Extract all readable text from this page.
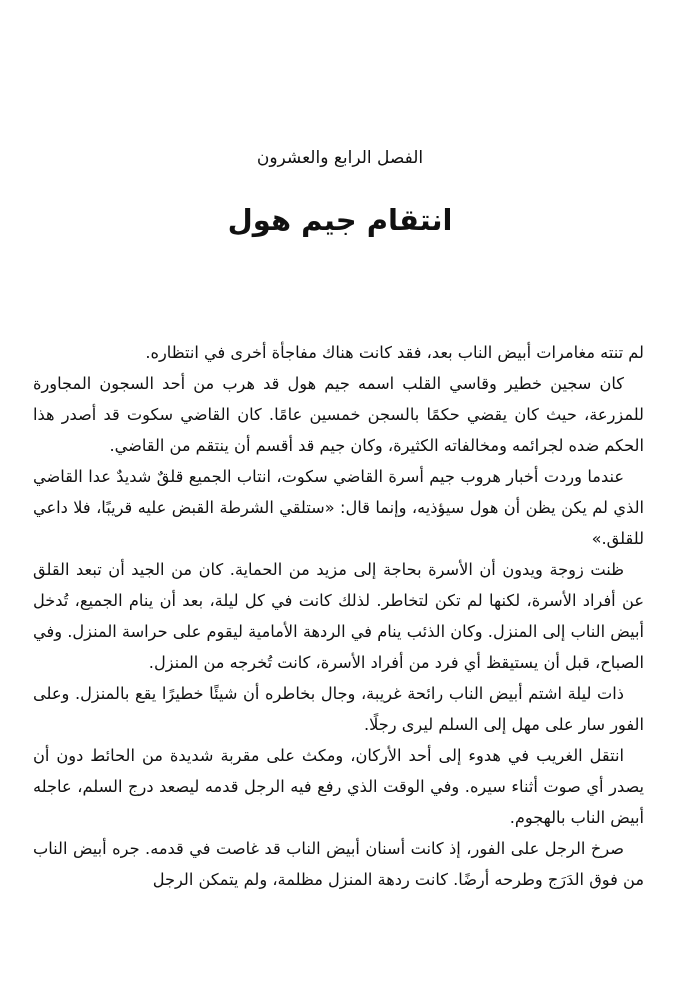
الفصل الرابع والعشرون
انتقام جيم هول

لم تنته مغامرات أبيض الناب بعد، فقد كانت هناك مفاجأة أخرى في انتظاره.

كان سجين خطير وقاسي القلب اسمه جيم هول قد هرب من أحد السجون المجاورة للمزرعة، حيث كان يقضي حكمًا بالسجن خمسين عامًا. كان القاضي سكوت قد أصدر هذا الحكم ضده لجرائمه ومخالفاته الكثيرة، وكان جيم قد أقسم أن ينتقم من القاضي.

عندما وردت أخبار هروب جيم أسرة القاضي سكوت، انتاب الجميع قلقٌ شديدٌ عدا القاضي الذي لم يكن يظن أن هول سيؤذيه، وإنما قال: «ستلقي الشرطة القبض عليه قريبًا، فلا داعي للقلق.»

ظنت زوجة ويدون أن الأسرة بحاجة إلى مزيد من الحماية. كان من الجيد أن تبعد القلق عن أفراد الأسرة، لكنها لم تكن لتخاطر. لذلك كانت في كل ليلة، بعد أن ينام الجميع، تُدخل أبيض الناب إلى المنزل. وكان الذئب ينام في الردهة الأمامية ليقوم على حراسة المنزل. وفي الصباح، قبل أن يستيقظ أي فرد من أفراد الأسرة، كانت تُخرجه من المنزل.

ذات ليلة اشتم أبيض الناب رائحة غريبة، وجال بخاطره أن شيئًا خطيرًا يقع بالمنزل. وعلى الفور سار على مهل إلى السلم ليرى رجلًا.

انتقل الغريب في هدوء إلى أحد الأركان، ومكث على مقربة شديدة من الحائط دون أن يصدر أي صوت أثناء سيره. وفي الوقت الذي رفع فيه الرجل قدمه ليصعد درج السلم، عاجله أبيض الناب بالهجوم.

صرخ الرجل على الفور، إذ كانت أسنان أبيض الناب قد غاصت في قدمه. جره أبيض الناب من فوق الدَرَج وطرحه أرضًا. كانت ردهة المنزل مظلمة، ولم يتمكن الرجل
